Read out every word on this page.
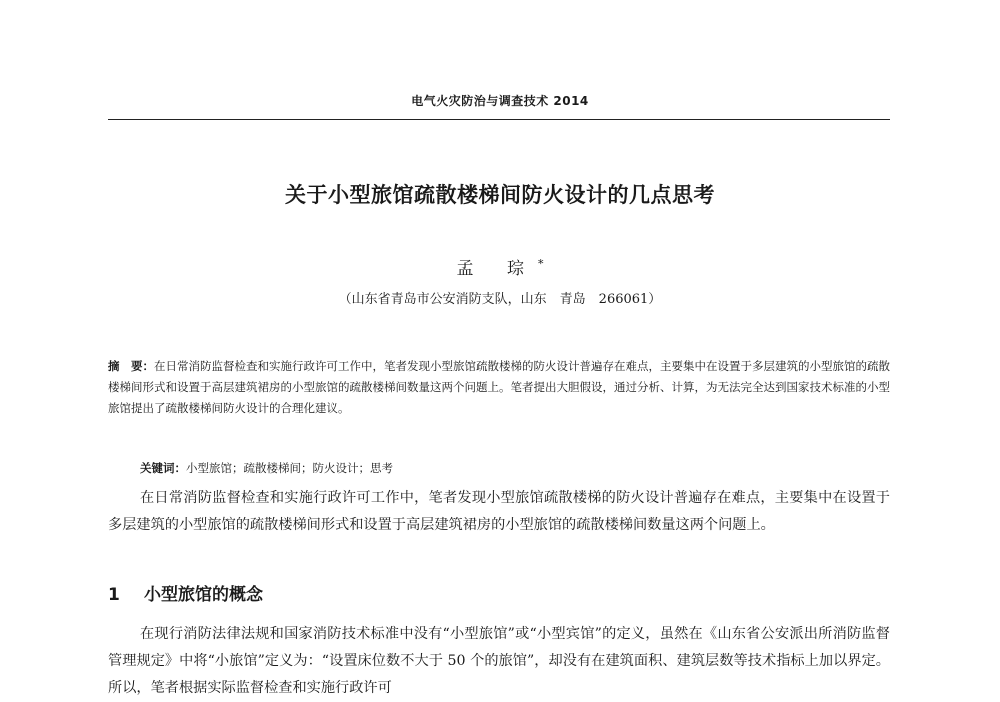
电气火灾防治与调查技术 2014
关于小型旅馆疏散楼梯间防火设计的几点思考
孟 琮*
（山东省青岛市公安消防支队，山东　青岛　266061）
摘　要：在日常消防监督检查和实施行政许可工作中，笔者发现小型旅馆疏散楼梯的防火设计普遍存在难点，主要集中在设置于多层建筑的小型旅馆的疏散楼梯间形式和设置于高层建筑裙房的小型旅馆的疏散楼梯间数量这两个问题上。笔者提出大胆假设，通过分析、计算，为无法完全达到国家技术标准的小型旅馆提出了疏散楼梯间防火设计的合理化建议。
关键词：小型旅馆；疏散楼梯间；防火设计；思考
在日常消防监督检查和实施行政许可工作中，笔者发现小型旅馆疏散楼梯的防火设计普遍存在难点，主要集中在设置于多层建筑的小型旅馆的疏散楼梯间形式和设置于高层建筑裙房的小型旅馆的疏散楼梯间数量这两个问题上。
1 小型旅馆的概念
在现行消防法律法规和国家消防技术标准中没有“小型旅馆”或“小型宾馆”的定义，虽然在《山东省公安派出所消防监督管理规定》中将“小旅馆”定义为：“设置床位数不大于 50 个的旅馆”，却没有在建筑面积、建筑层数等技术指标上加以界定。所以，笔者根据实际监督检查和实施行政许可
